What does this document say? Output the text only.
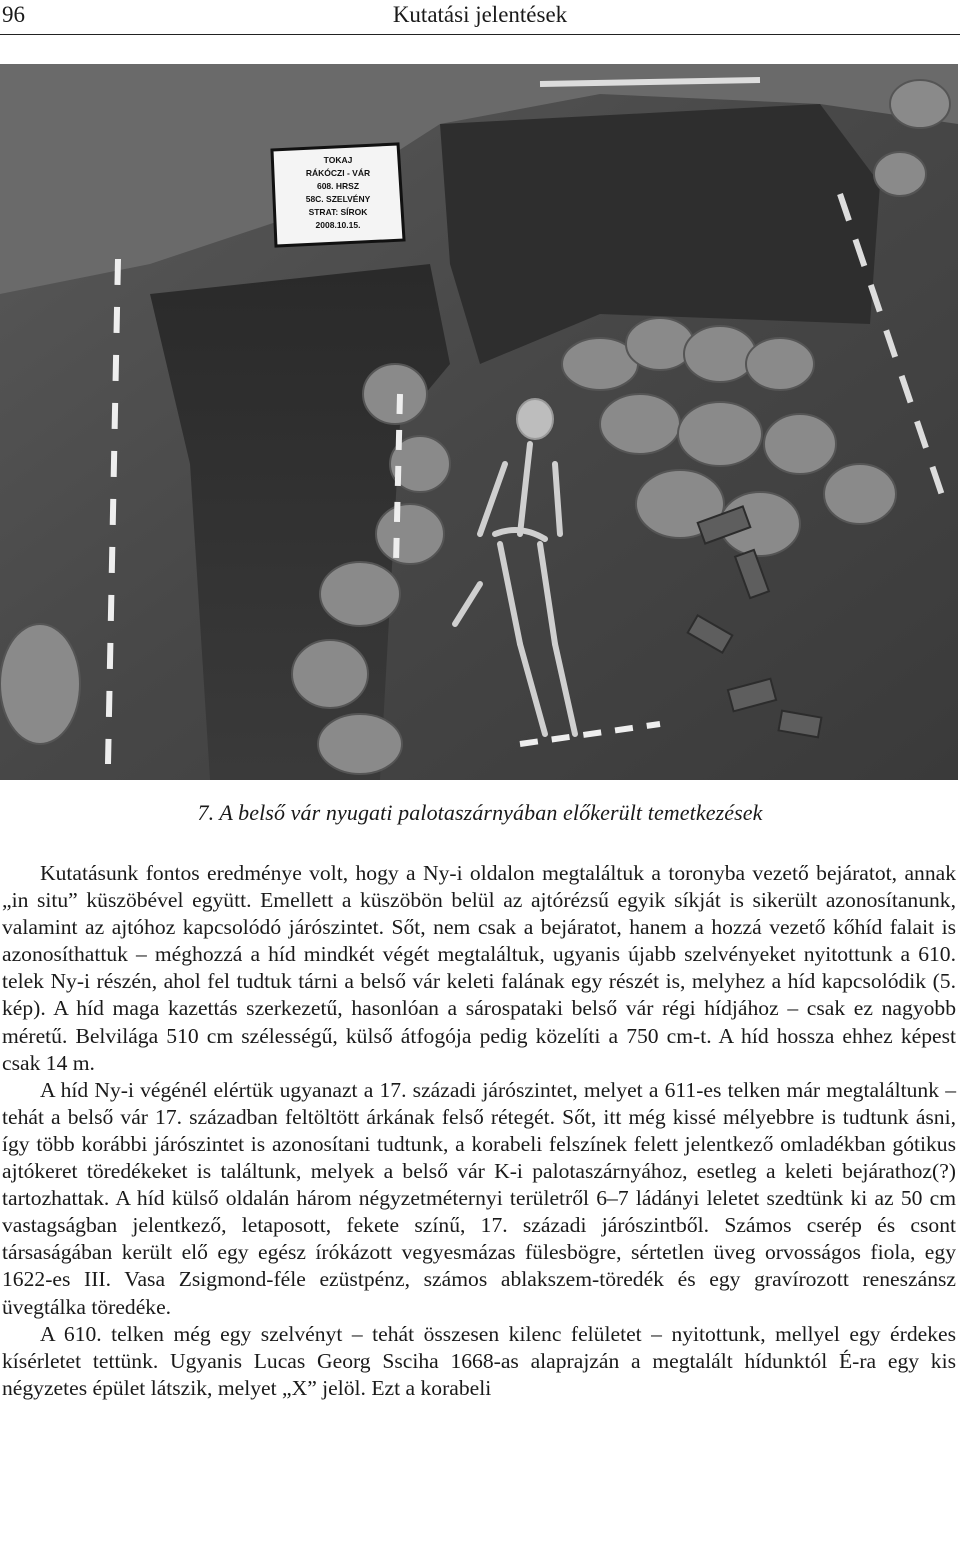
96	Kutatási jelentések
TOKAJ
RÁKÓCZI - VÁR
608. HRSZ
58C. SZELVÉNY
STRAT: SÍROK
2008.10.15.
7. A belső vár nyugati palotaszárnyában előkerült temetkezések

Kutatásunk fontos eredménye volt, hogy a Ny-i oldalon megtaláltuk a toronyba vezető bejáratot, annak „in situ” küszöbével együtt. Emellett a küszöbön belül az ajtórézsű egyik síkját is sikerült azonosítanunk, valamint az ajtóhoz kapcsolódó járószintet. Sőt, nem csak a bejáratot, hanem a hozzá vezető kőhíd falait is azonosíthattuk – méghozzá a híd mindkét végét megtaláltuk, ugyanis újabb szelvényeket nyitottunk a 610. telek Ny-i részén, ahol fel tudtuk tárni a belső vár keleti falának egy részét is, melyhez a híd kapcsolódik (5. kép). A híd maga kazettás szerkezetű, hasonlóan a sárospataki belső vár régi hídjához – csak ez nagyobb méretű. Belvilága 510 cm szélességű, külső átfogója pedig közelíti a 750 cm-t. A híd hossza ehhez képest csak 14 m.

A híd Ny-i végénél elértük ugyanazt a 17. századi járószintet, melyet a 611-es telken már megtaláltunk – tehát a belső vár 17. században feltöltött árkának felső rétegét. Sőt, itt még kissé mélyebbre is tudtunk ásni, így több korábbi járószintet is azonosítani tudtunk, a korabeli felszínek felett jelentkező omladékban gótikus ajtókeret töredékeket is találtunk, melyek a belső vár K-i palotaszárnyához, esetleg a keleti bejárathoz(?) tartozhattak. A híd külső oldalán három négyzetméternyi területről 6–7 ládányi leletet szedtünk ki az 50 cm vastagságban jelentkező, letaposott, fekete színű, 17. századi járószintből. Számos cserép és csont társaságában került elő egy egész írókázott vegyesmázas fülesbögre, sértetlen üveg orvosságos fiola, egy 1622-es III. Vasa Zsigmond-féle ezüstpénz, számos ablakszem-töredék és egy gravírozott reneszánsz üvegtálka töredéke.

A 610. telken még egy szelvényt – tehát összesen kilenc felületet – nyitottunk, mellyel egy érdekes kísérletet tettünk. Ugyanis Lucas Georg Ssciha 1668-as alaprajzán a megtalált hídunktól É-ra egy kis négyzetes épület látszik, melyet „X” jelöl. Ezt a korabeli
